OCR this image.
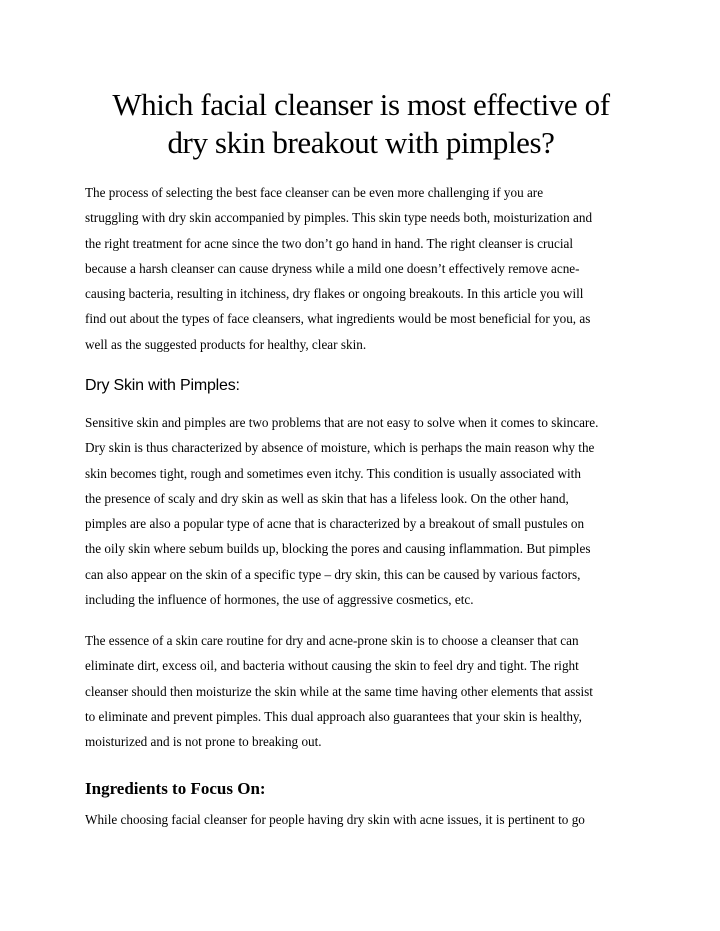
Which facial cleanser is most effective of
dry skin breakout with pimples?

The process of selecting the best face cleanser can be even more challenging if you are
struggling with dry skin accompanied by pimples. This skin type needs both, moisturization and
the right treatment for acne since the two don’t go hand in hand. The right cleanser is crucial
because a harsh cleanser can cause dryness while a mild one doesn’t effectively remove acne-
causing bacteria, resulting in itchiness, dry flakes or ongoing breakouts. In this article you will
find out about the types of face cleansers, what ingredients would be most beneficial for you, as
well as the suggested products for healthy, clear skin.

Dry Skin with Pimples:

Sensitive skin and pimples are two problems that are not easy to solve when it comes to skincare.
Dry skin is thus characterized by absence of moisture, which is perhaps the main reason why the
skin becomes tight, rough and sometimes even itchy. This condition is usually associated with
the presence of scaly and dry skin as well as skin that has a lifeless look. On the other hand,
pimples are also a popular type of acne that is characterized by a breakout of small pustules on
the oily skin where sebum builds up, blocking the pores and causing inflammation. But pimples
can also appear on the skin of a specific type – dry skin, this can be caused by various factors,
including the influence of hormones, the use of aggressive cosmetics, etc.

The essence of a skin care routine for dry and acne-prone skin is to choose a cleanser that can
eliminate dirt, excess oil, and bacteria without causing the skin to feel dry and tight. The right
cleanser should then moisturize the skin while at the same time having other elements that assist
to eliminate and prevent pimples. This dual approach also guarantees that your skin is healthy,
moisturized and is not prone to breaking out.

Ingredients to Focus On:

While choosing facial cleanser for people having dry skin with acne issues, it is pertinent to go
